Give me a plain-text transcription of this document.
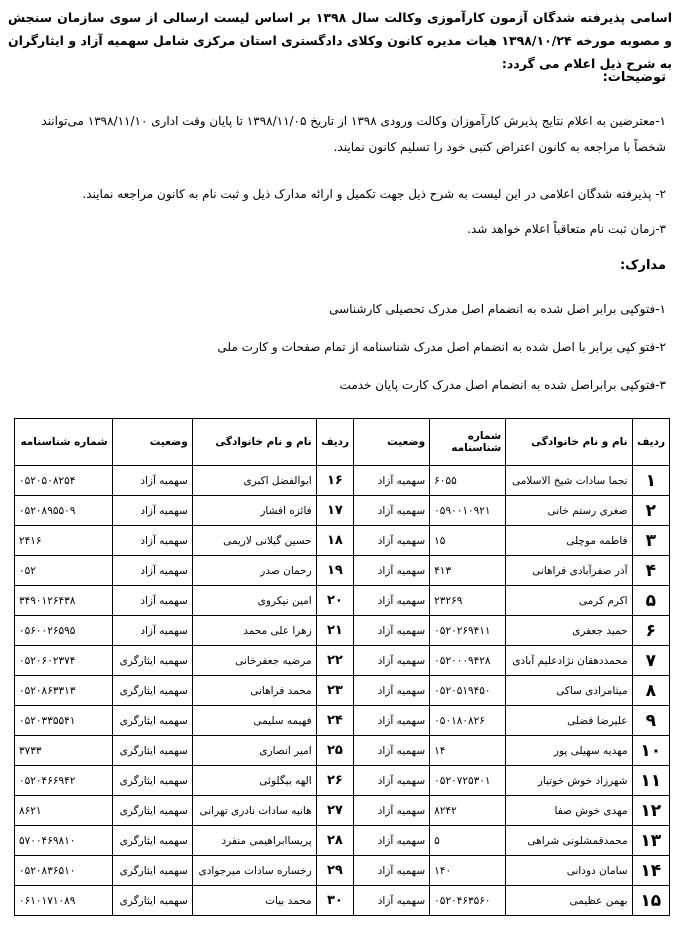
اسامی پذیرفته شدگان آزمون کارآموزی وکالت سال ۱۳۹۸ بر اساس لیست ارسالی از سوی سازمان سنجش و مصوبه مورخه ۱۳۹۸/۱۰/۲۴ هیات مدیره کانون وکلای دادگستری استان مرکزی شامل سهمیه آزاد و ایثارگران به شرح ذیل اعلام می گردد:
توضیحات:
۱-معترضین به اعلام نتایج پذیرش کارآموزان وکالت ورودی ۱۳۹۸ از تاریخ ۱۳۹۸/۱۱/۰۵ تا پایان وقت اداری ۱۳۹۸/۱۱/۱۰ می‌توانند شخصاً با مراجعه به کانون اعتراض کتبی خود را تسلیم کانون نمایند.
۲- پذیرفته شدگان اعلامی در این لیست به شرح ذیل جهت تکمیل و ارائه مدارک ذیل و ثبت نام به کانون مراجعه نمایند.
۳-زمان ثبت نام متعاقباً اعلام خواهد شد.
مدارک:
۱-فتوکپی برابر اصل شده به انضمام اصل مدرک تحصیلی کارشناسی
۲-فتو کپی برابر با اصل شده به انضمام اصل مدرک شناسنامه از تمام صفحات و کارت ملی
۳-فتوکپی برابراصل شده به انضمام اصل مدرک کارت پایان خدمت
ردیف	نام و نام خانوادگی	شماره شناسنامه	وضعیت	ردیف	نام و نام خانوادگی	وضعیت	شماره شناسنامه
۱	نجما سادات شیخ الاسلامی	۶۰۵۵	سهمیه آزاد	۱۶	ابوالفضل اکبری	سهمیه آزاد	۰۵۲۰۵۰۸۲۵۴
۲	صغری رستم خانی	۰۵۹۰۰۱۰۹۲۱	سهمیه آزاد	۱۷	فائزه افشار	سهمیه آزاد	۰۵۲۰۸۹۵۵۰۹
۳	فاطمه موچلی	۱۵	سهمیه آزاد	۱۸	حسین گیلانی لاریمی	سهمیه آزاد	۲۴۱۶
۴	آذر صفرآبادی فراهانی	۴۱۳	سهمیه آزاد	۱۹	رحمان صدر	سهمیه آزاد	۰۵۲
۵	اکرم کرمی	۲۳۲۶۹	سهمیه آزاد	۲۰	امین نیکروی	سهمیه آزاد	۳۴۹۰۱۲۶۴۳۸
۶	حمید جعفری	۰۵۲۰۲۶۹۴۱۱	سهمیه آزاد	۲۱	زهرا علی محمد	سهمیه آزاد	۰۵۶۰۰۲۶۵۹۵
۷	محمددهقان نژادعلیم آبادی	۰۵۲۰۰۰۹۴۲۸	سهمیه آزاد	۲۲	مرضیه جعفرخانی	سهمیه ایثارگری	۰۵۲۰۶۰۲۳۷۴
۸	میثامرادی ساکی	۰۵۲۰۵۱۹۴۵۰	سهمیه آزاد	۲۳	محمد فراهانی	سهمیه ایثارگری	۰۵۲۰۸۶۳۳۱۳
۹	علیرضا فضلی	۰۵۰۱۸۰۸۲۶	سهمیه آزاد	۲۴	فهیمه سلیمی	سهمیه ایثارگری	۰۵۲۰۳۳۵۵۴۱
۱۰	مهدیه سهیلی پور	۱۴	سهمیه آزاد	۲۵	امیر انصاری	سهمیه ایثارگری	۳۷۳۳
۱۱	شهرزاد خوش خوتیار	۰۵۲۰۷۲۵۳۰۱	سهمیه آزاد	۲۶	الهه بیگلوئی	سهمیه ایثارگری	۰۵۲۰۴۶۶۹۴۲
۱۲	مهدی خوش صفا	۸۲۴۲	سهمیه آزاد	۲۷	هانیه سادات نادری تهرانی	سهمیه ایثارگری	۸۶۲۱
۱۳	محمدقمشلونی شراهی	۵	سهمیه آزاد	۲۸	پریساابراهیمی منفرد	سهمیه ایثارگری	۵۷۰۰۴۶۹۸۱۰
۱۴	سامان دودانی	۱۴۰	سهمیه آزاد	۲۹	رخساره سادات میرجوادی	سهمیه ایثارگری	۰۵۲۰۸۳۶۵۱۰
۱۵	بهمن عظیمی	۰۵۲۰۴۶۳۵۶۰	سهمیه آزاد	۳۰	محمد بیات	سهمیه ایثارگری	۰۶۱۰۱۷۱۰۸۹
